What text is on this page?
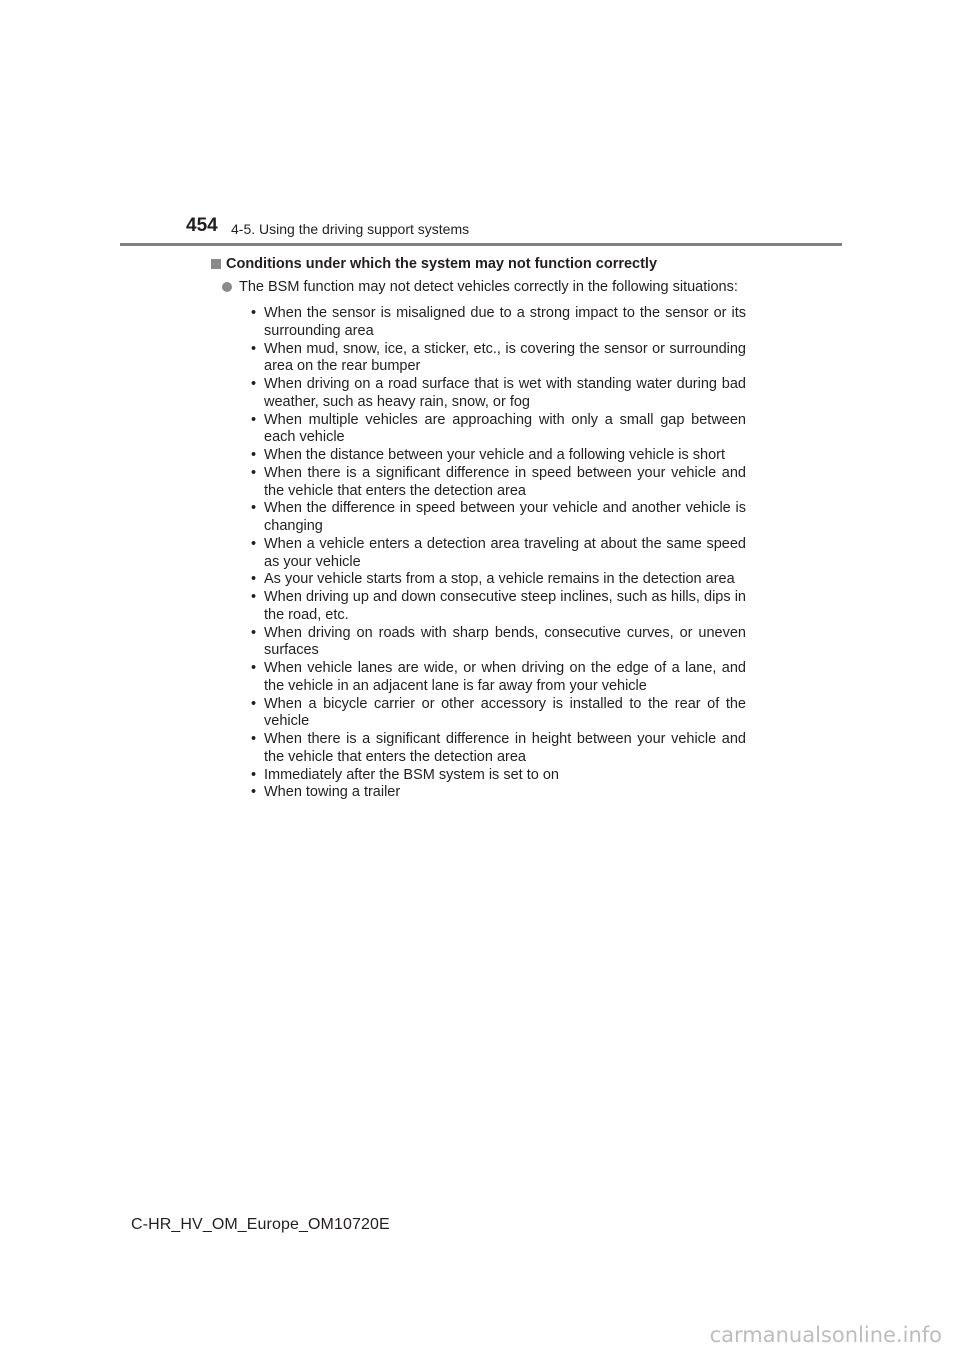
454 4-5. Using the driving support systems
Conditions under which the system may not function correctly
The BSM function may not detect vehicles correctly in the following situations:
• When the sensor is misaligned due to a strong impact to the sensor or its surrounding area
• When mud, snow, ice, a sticker, etc., is covering the sensor or surrounding area on the rear bumper
• When driving on a road surface that is wet with standing water during bad weather, such as heavy rain, snow, or fog
• When multiple vehicles are approaching with only a small gap between each vehicle
• When the distance between your vehicle and a following vehicle is short
• When there is a significant difference in speed between your vehicle and the vehicle that enters the detection area
• When the difference in speed between your vehicle and another vehicle is changing
• When a vehicle enters a detection area traveling at about the same speed as your vehicle
• As your vehicle starts from a stop, a vehicle remains in the detection area
• When driving up and down consecutive steep inclines, such as hills, dips in the road, etc.
• When driving on roads with sharp bends, consecutive curves, or uneven surfaces
• When vehicle lanes are wide, or when driving on the edge of a lane, and the vehicle in an adjacent lane is far away from your vehicle
• When a bicycle carrier or other accessory is installed to the rear of the vehicle
• When there is a significant difference in height between your vehicle and the vehicle that enters the detection area
• Immediately after the BSM system is set to on
• When towing a trailer
C-HR_HV_OM_Europe_OM10720E
carmanualsonline.info
